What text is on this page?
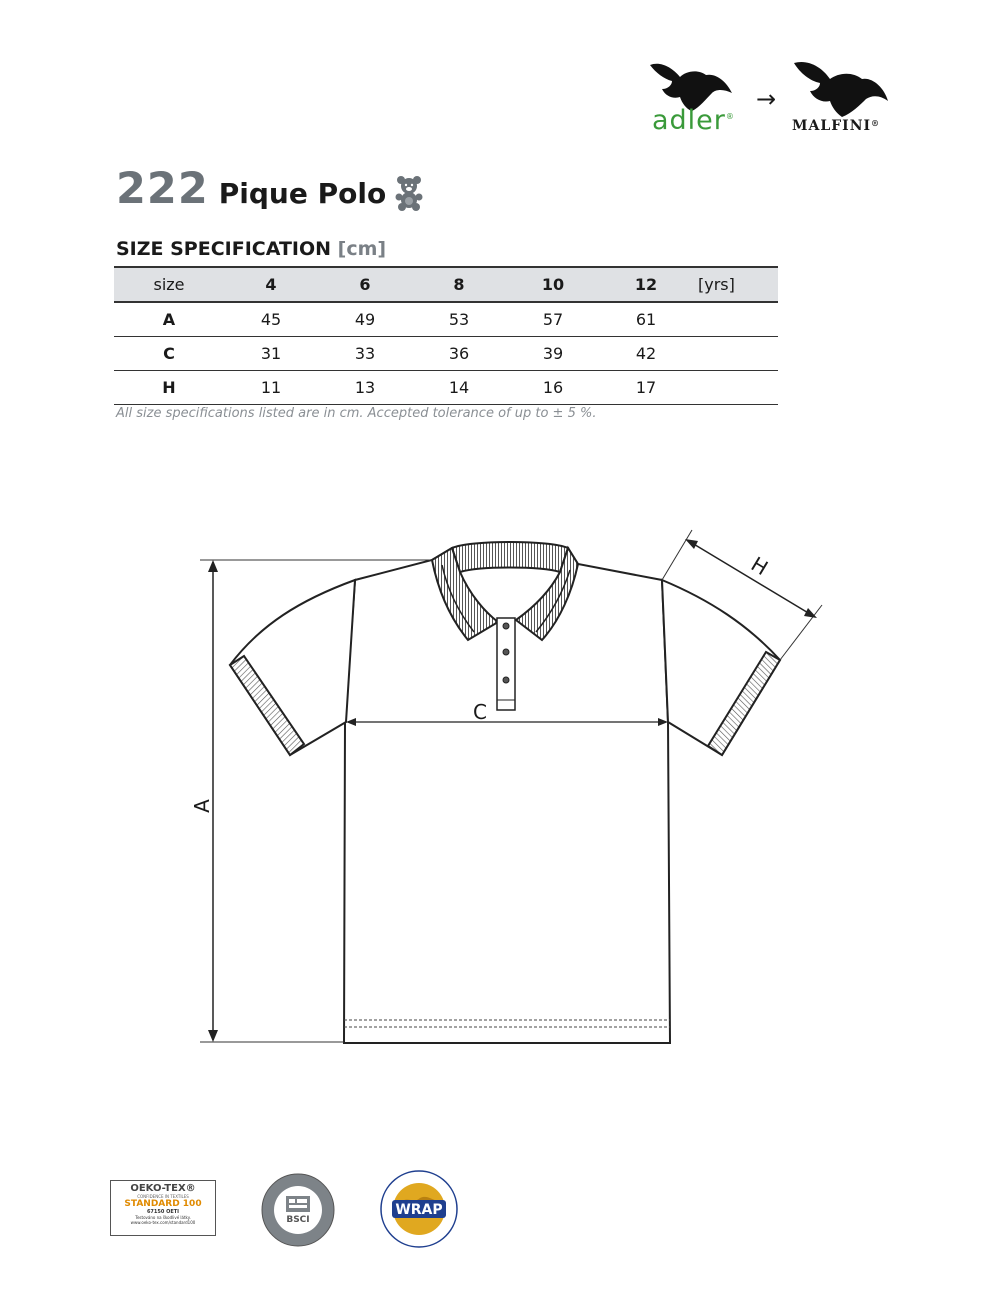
adler®
→
MALFINI®
222 Pique Polo
SIZE SPECIFICATION [cm]
size	4	6	8	10	12	[yrs]
A	45	49	53	57	61	
C	31	33	36	39	42	
H	11	13	14	16	17	
All size specifications listed are in cm. Accepted tolerance of up to ± 5 %.
A
C
H
OEKO-TEX®
CONFIDENCE IN TEXTILES
STANDARD 100
67150 OETI
Testováno na škodlivé látky.
www.oeko-tex.com/standard100	BSCI
WRAP
